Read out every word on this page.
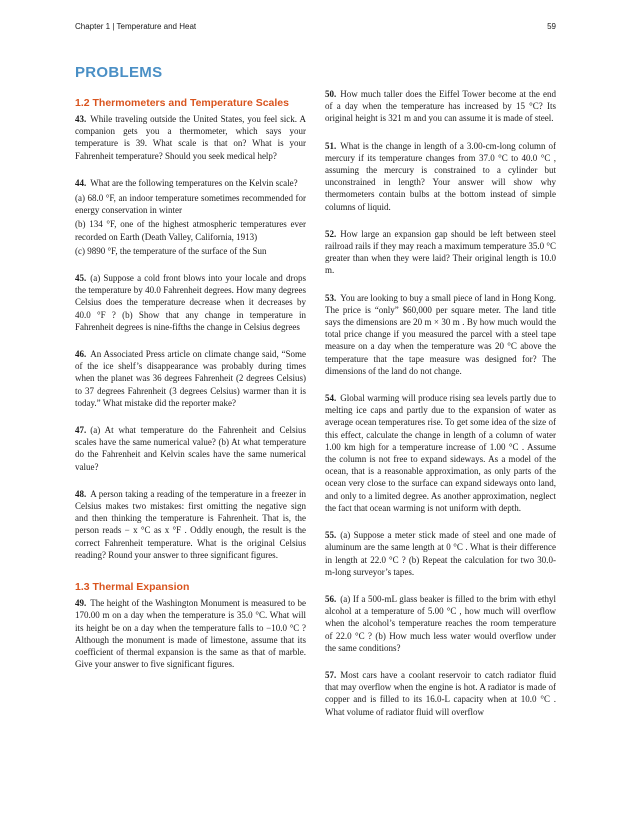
Chapter 1 | Temperature and Heat	59
PROBLEMS
1.2 Thermometers and Temperature Scales

43. While traveling outside the United States, you feel sick. A companion gets you a thermometer, which says your temperature is 39. What scale is that on? What is your Fahrenheit temperature? Should you seek medical help?

44. What are the following temperatures on the Kelvin scale?

(a) 68.0 °F, an indoor temperature sometimes recommended for energy conservation in winter

(b) 134 °F, one of the highest atmospheric temperatures ever recorded on Earth (Death Valley, California, 1913)

(c) 9890 °F, the temperature of the surface of the Sun

45. (a) Suppose a cold front blows into your locale and drops the temperature by 40.0 Fahrenheit degrees. How many degrees Celsius does the temperature decrease when it decreases by 40.0 °F ? (b) Show that any change in temperature in Fahrenheit degrees is nine-fifths the change in Celsius degrees

46. An Associated Press article on climate change said, “Some of the ice shelf’s disappearance was probably during times when the planet was 36 degrees Fahrenheit (2 degrees Celsius) to 37 degrees Fahrenheit (3 degrees Celsius) warmer than it is today.” What mistake did the reporter make?

47. (a) At what temperature do the Fahrenheit and Celsius scales have the same numerical value? (b) At what temperature do the Fahrenheit and Kelvin scales have the same numerical value?

48. A person taking a reading of the temperature in a freezer in Celsius makes two mistakes: first omitting the negative sign and then thinking the temperature is Fahrenheit. That is, the person reads − x °C as x °F . Oddly enough, the result is the correct Fahrenheit temperature. What is the original Celsius reading? Round your answer to three significant figures.

1.3 Thermal Expansion

49. The height of the Washington Monument is measured to be 170.00 m on a day when the temperature is 35.0 °C. What will its height be on a day when the temperature falls to −10.0 °C ? Although the monument is made of limestone, assume that its coefficient of thermal expansion is the same as that of marble. Give your answer to five significant figures.

50. How much taller does the Eiffel Tower become at the end of a day when the temperature has increased by 15 °C? Its original height is 321 m and you can assume it is made of steel.

51. What is the change in length of a 3.00-cm-long column of mercury if its temperature changes from 37.0 °C to 40.0 °C , assuming the mercury is constrained to a cylinder but unconstrained in length? Your answer will show why thermometers contain bulbs at the bottom instead of simple columns of liquid.

52. How large an expansion gap should be left between steel railroad rails if they may reach a maximum temperature 35.0 °C greater than when they were laid? Their original length is 10.0 m.

53. You are looking to buy a small piece of land in Hong Kong. The price is “only” $60,000 per square meter. The land title says the dimensions are 20 m × 30 m . By how much would the total price change if you measured the parcel with a steel tape measure on a day when the temperature was 20 °C above the temperature that the tape measure was designed for? The dimensions of the land do not change.

54. Global warming will produce rising sea levels partly due to melting ice caps and partly due to the expansion of water as average ocean temperatures rise. To get some idea of the size of this effect, calculate the change in length of a column of water 1.00 km high for a temperature increase of 1.00 °C . Assume the column is not free to expand sideways. As a model of the ocean, that is a reasonable approximation, as only parts of the ocean very close to the surface can expand sideways onto land, and only to a limited degree. As another approximation, neglect the fact that ocean warming is not uniform with depth.

55. (a) Suppose a meter stick made of steel and one made of aluminum are the same length at 0 °C . What is their difference in length at 22.0 °C ? (b) Repeat the calculation for two 30.0-m-long surveyor’s tapes.

56. (a) If a 500-mL glass beaker is filled to the brim with ethyl alcohol at a temperature of 5.00 °C , how much will overflow when the alcohol’s temperature reaches the room temperature of 22.0 °C ? (b) How much less water would overflow under the same conditions?

57. Most cars have a coolant reservoir to catch radiator fluid that may overflow when the engine is hot. A radiator is made of copper and is filled to its 16.0-L capacity when at 10.0 °C . What volume of radiator fluid will overflow
